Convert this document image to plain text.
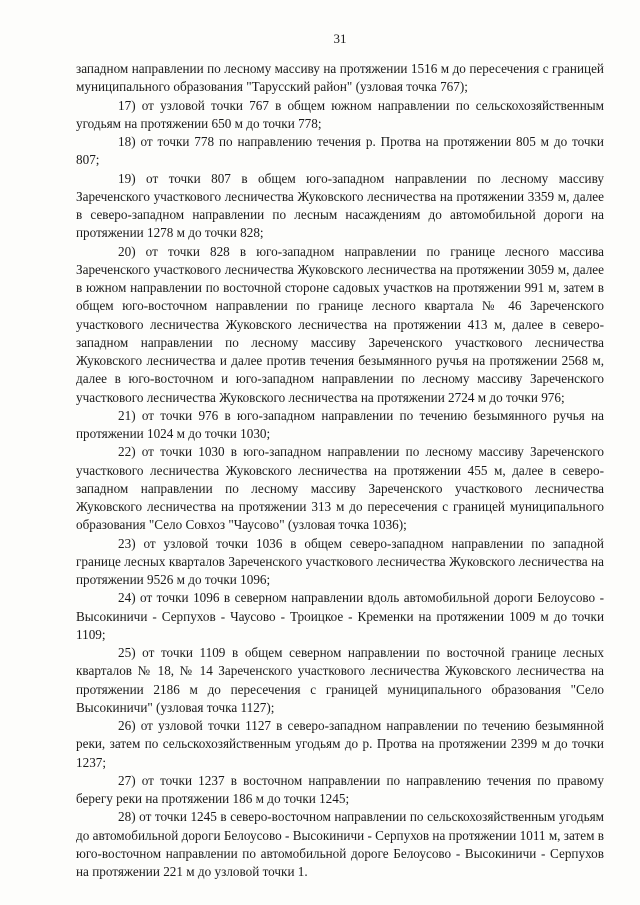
31

западном направлении по лесному массиву на протяжении 1516 м до пересечения с границей муниципального образования "Тарусский район" (узловая точка 767);

17) от узловой точки 767 в общем южном направлении по сельскохозяйственным угодьям на протяжении 650 м до точки 778;

18) от точки 778 по направлению течения р. Протва на протяжении 805 м до точки 807;

19) от точки 807 в общем юго-западном направлении по лесному массиву Зареченского участкового лесничества Жуковского лесничества на протяжении 3359 м, далее в северо-западном направлении по лесным насаждениям до автомобильной дороги на протяжении 1278 м до точки 828;

20) от точки 828 в юго-западном направлении по границе лесного массива Зареченского участкового лесничества Жуковского лесничества на протяжении 3059 м, далее в южном направлении по восточной стороне садовых участков на протяжении 991 м, затем в общем юго-восточном направлении по границе лесного квартала № 46 Зареченского участкового лесничества Жуковского лесничества на протяжении 413 м, далее в северо-западном направлении по лесному массиву Зареченского участкового лесничества Жуковского лесничества и далее против течения безымянного ручья на протяжении 2568 м, далее в юго-восточном и юго-западном направлении по лесному массиву Зареченского участкового лесничества Жуковского лесничества на протяжении 2724 м до точки 976;

21) от точки 976 в юго-западном направлении по течению безымянного ручья на протяжении 1024 м до точки 1030;

22) от точки 1030 в юго-западном направлении по лесному массиву Зареченского участкового лесничества Жуковского лесничества на протяжении 455 м, далее в северо-западном направлении по лесному массиву Зареченского участкового лесничества Жуковского лесничества на протяжении 313 м до пересечения с границей муниципального образования "Село Совхоз "Чаусово" (узловая точка 1036);

23) от узловой точки 1036 в общем северо-западном направлении по западной границе лесных кварталов Зареченского участкового лесничества Жуковского лесничества на протяжении 9526 м до точки 1096;

24) от точки 1096 в северном направлении вдоль автомобильной дороги Белоусово - Высокиничи - Серпухов - Чаусово - Троицкое - Кременки на протяжении 1009 м до точки 1109;

25) от точки 1109 в общем северном направлении по восточной границе лесных кварталов № 18, № 14 Зареченского участкового лесничества Жуковского лесничества на протяжении 2186 м до пересечения с границей муниципального образования "Село Высокиничи" (узловая точка 1127);

26) от узловой точки 1127 в северо-западном направлении по течению безымянной реки, затем по сельскохозяйственным угодьям до р. Протва на протяжении 2399 м до точки 1237;

27) от точки 1237 в восточном направлении по направлению течения по правому берегу реки на протяжении 186 м до точки 1245;

28) от точки 1245 в северо-восточном направлении по сельскохозяйственным угодьям до автомобильной дороги Белоусово - Высокиничи - Серпухов на протяжении 1011 м, затем в юго-восточном направлении по автомобильной дороге Белоусово - Высокиничи - Серпухов на протяжении 221 м до узловой точки 1.
